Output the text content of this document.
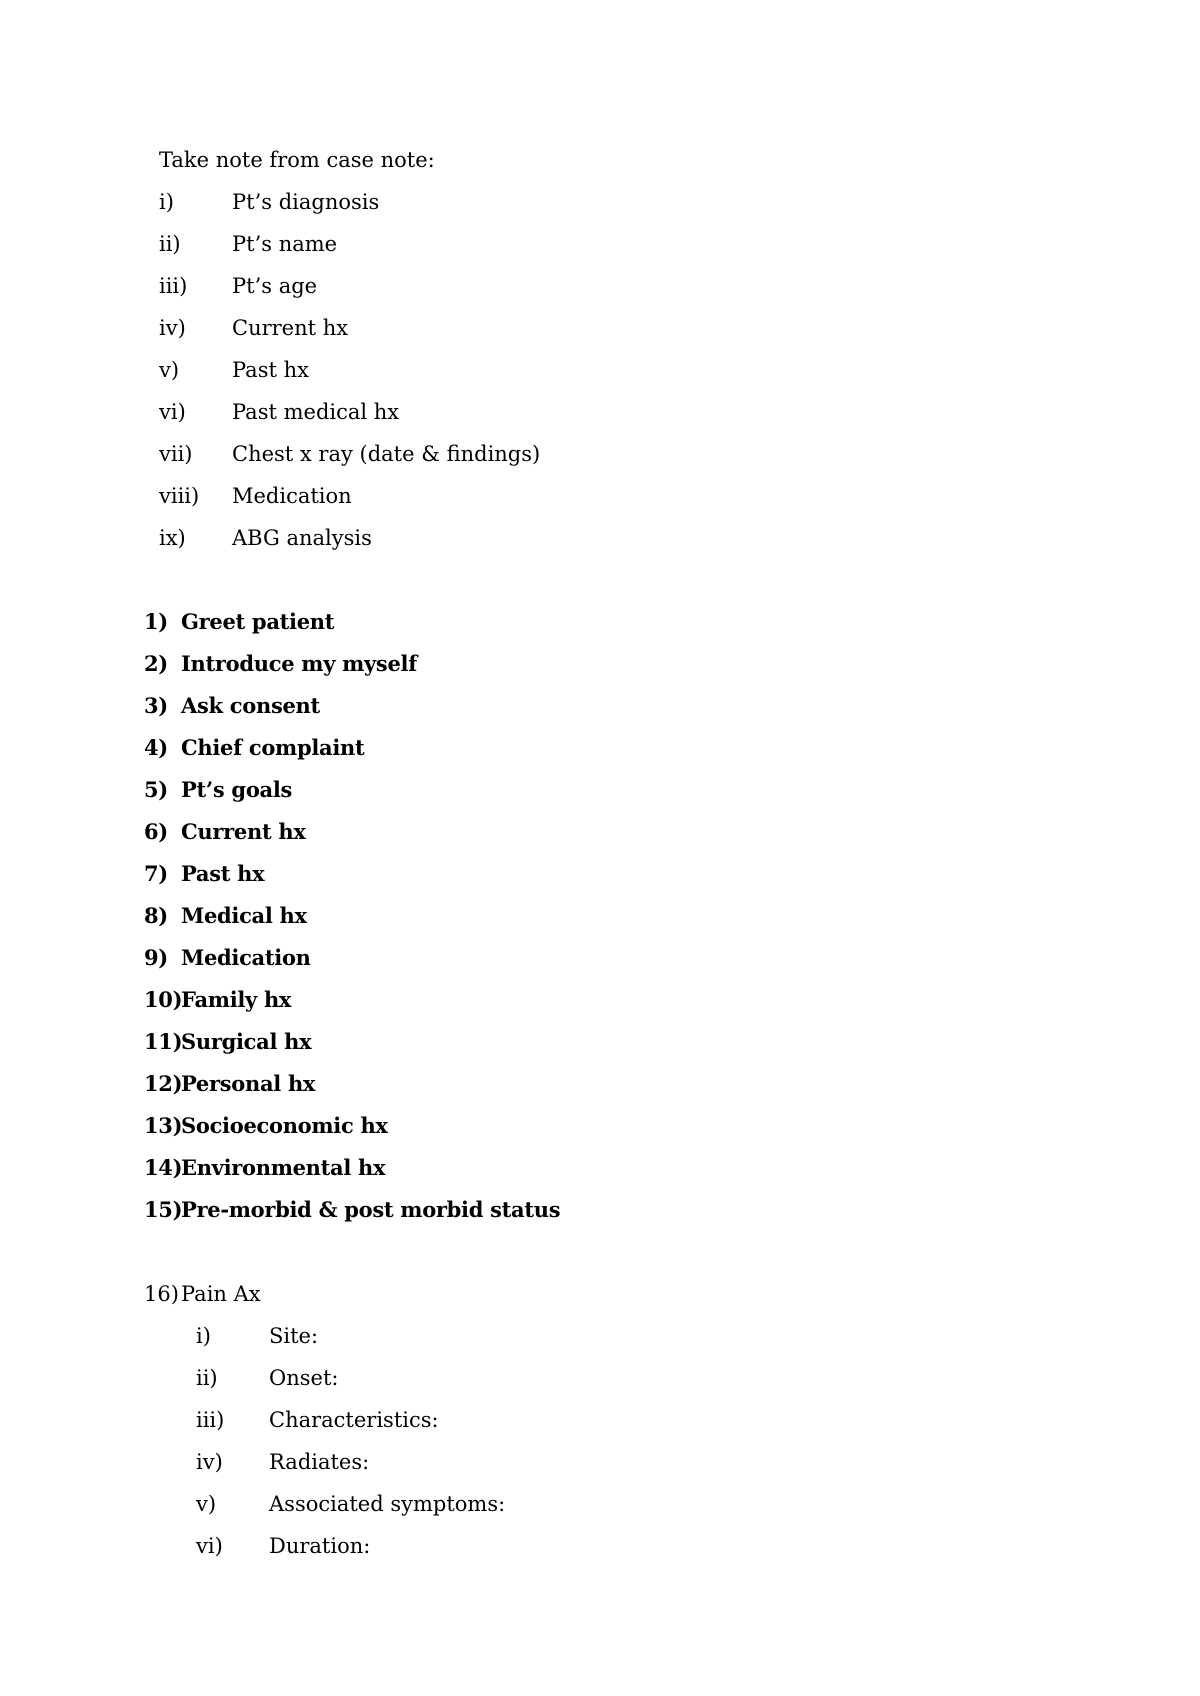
Take note from case note:
i)	Pt’s diagnosis
ii) Pt’s name
iii) Pt’s age
iv) Current hx
v)	Past hx
vi) Past medical hx
vii) Chest x ray (date & findings)
viii) Medication
ix) ABG analysis
1) Greet patient
2) Introduce my myself
3) Ask consent
4) Chief complaint
5) Pt’s goals
6) Current hx
7) Past hx
8) Medical hx
9) Medication
10)
Family hx
11)
Surgical hx
12)
Personal hx
13)
Socioeconomic hx
14)
Environmental hx
15)
Pre-morbid & post morbid status
16) Pain Ax
i)	Site:
ii) Onset:
iii) Characteristics:
iv) Radiates:
v)	Associated symptoms:
vi) Duration:
